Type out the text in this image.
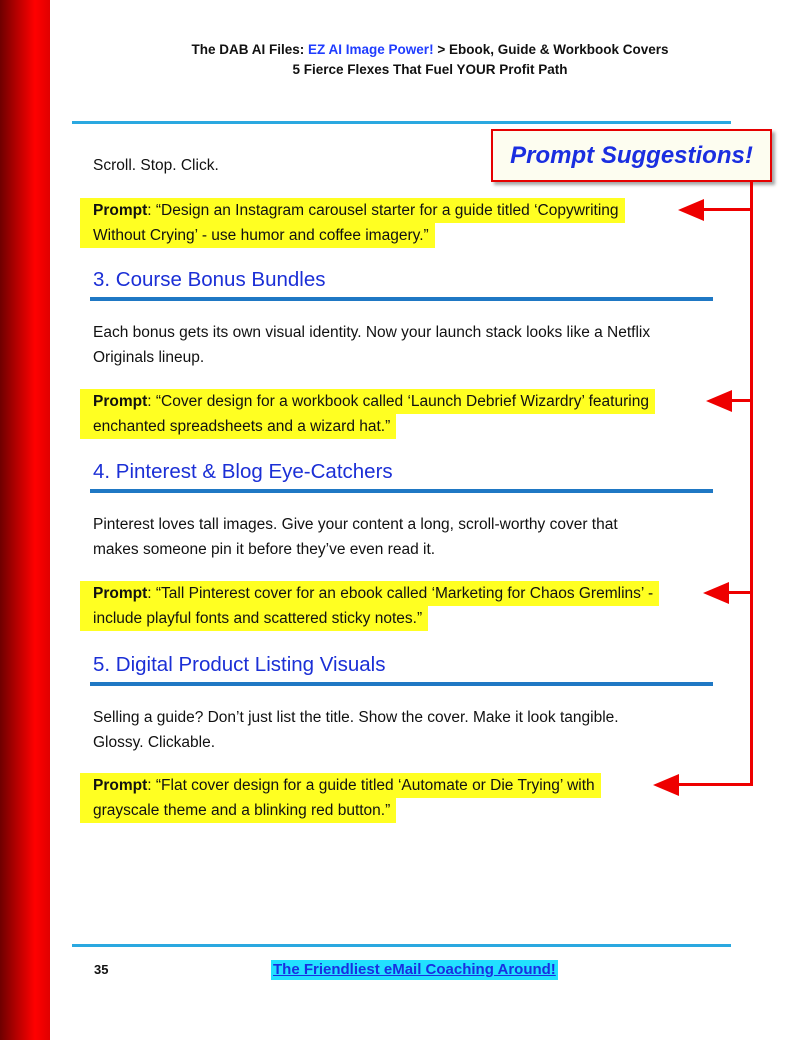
The DAB AI Files: EZ AI Image Power! > Ebook, Guide & Workbook Covers
5 Fierce Flexes That Fuel YOUR Profit Path
Prompt Suggestions!
Scroll. Stop. Click.
Prompt: “Design an Instagram carousel starter for a guide titled ‘Copywriting
Without Crying’ - use humor and coffee imagery.”
3. Course Bonus Bundles
Each bonus gets its own visual identity. Now your launch stack looks like a Netflix
Originals lineup.
Prompt: “Cover design for a workbook called ‘Launch Debrief Wizardry’ featuring
enchanted spreadsheets and a wizard hat.”
4. Pinterest & Blog Eye-Catchers
Pinterest loves tall images. Give your content a long, scroll-worthy cover that
makes someone pin it before they’ve even read it.
Prompt: “Tall Pinterest cover for an ebook called ‘Marketing for Chaos Gremlins’ -
include playful fonts and scattered sticky notes.”
5. Digital Product Listing Visuals
Selling a guide? Don’t just list the title. Show the cover. Make it look tangible.
Glossy. Clickable.
Prompt: “Flat cover design for a guide titled ‘Automate or Die Trying’ with
grayscale theme and a blinking red button.”
35	The Friendliest eMail Coaching Around!
